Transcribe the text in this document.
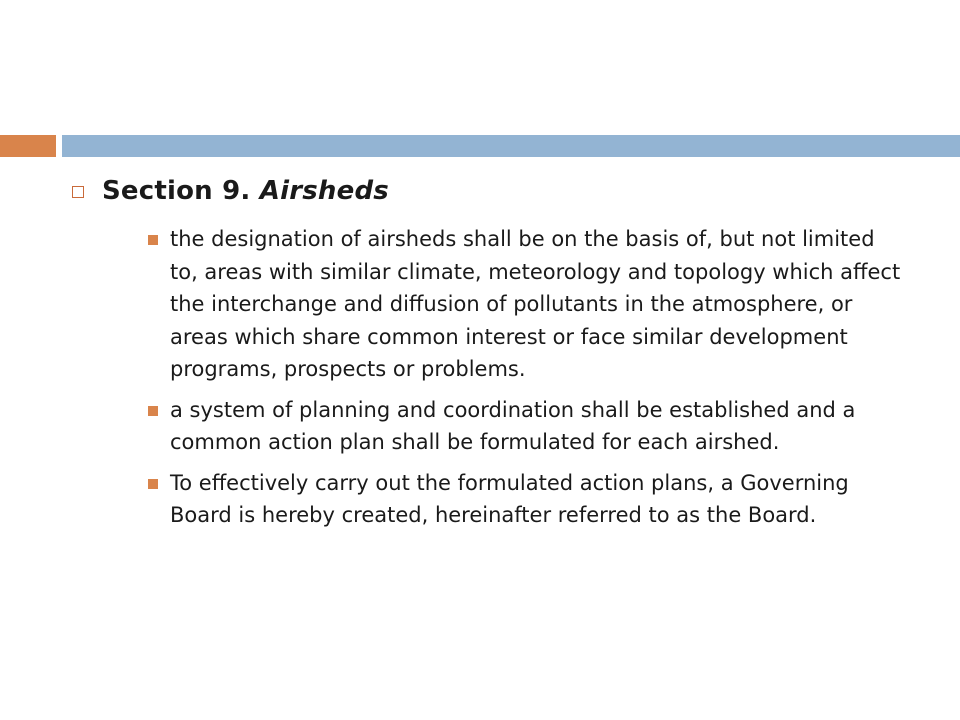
Section 9. Airsheds
the designation of airsheds shall be on the basis of, but not limited to, areas with similar climate, meteorology and topology which affect the interchange and diffusion of pollutants in the atmosphere, or areas which share common interest or face similar development programs, prospects or problems.
a system of planning and coordination shall be established and a common action plan shall be formulated for each airshed.
To effectively carry out the formulated action plans, a Governing Board is hereby created, hereinafter referred to as the Board.
